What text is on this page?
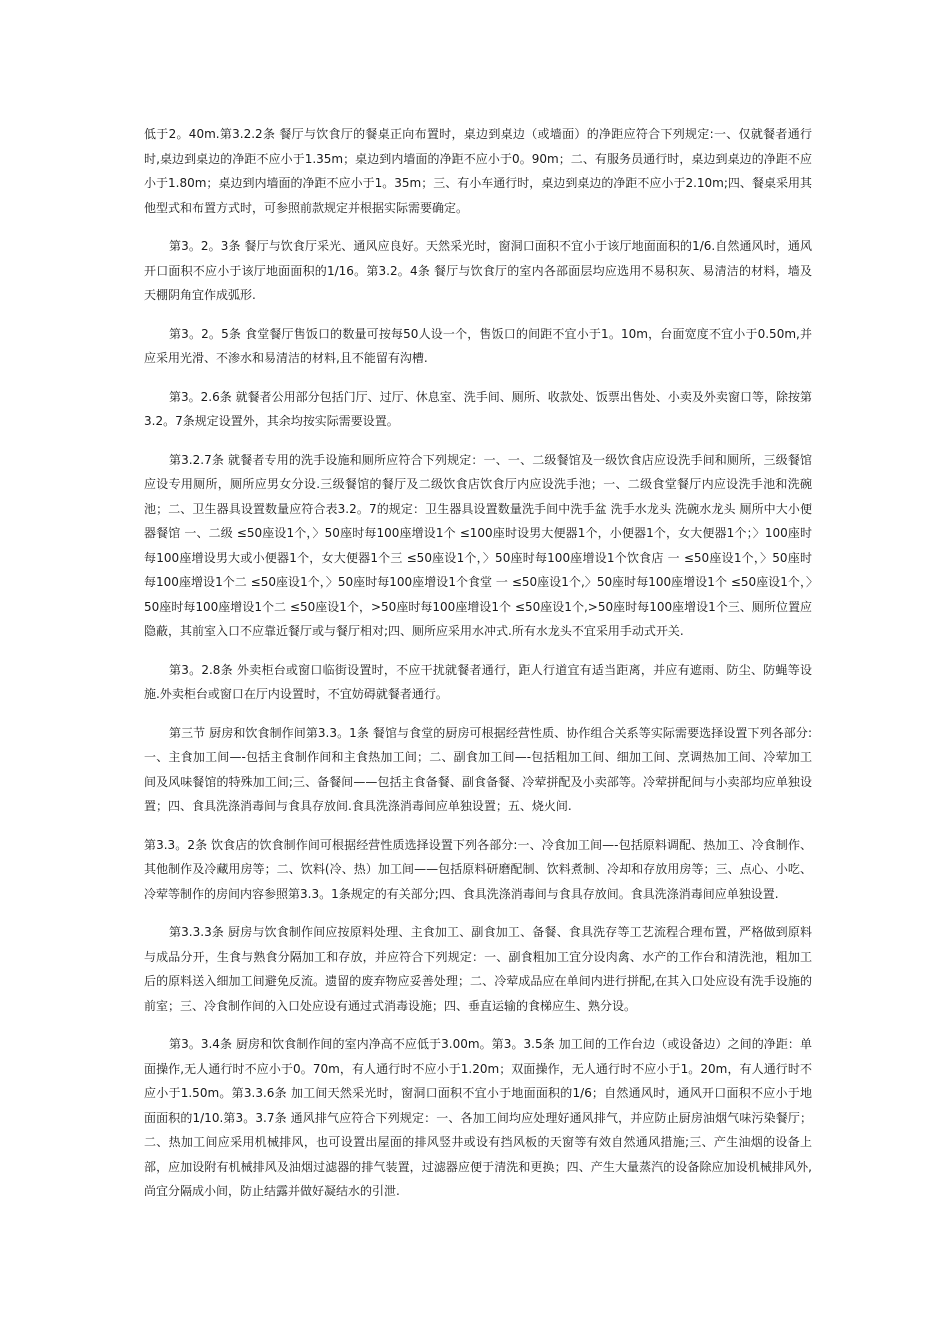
低于2。40m.第3.2.2条 餐厅与饮食厅的餐桌正向布置时，桌边到桌边（或墙面）的净距应符合下列规定:一、仅就餐者通行时,桌边到桌边的净距不应小于1.35m；桌边到内墙面的净距不应小于0。90m；二、有服务员通行时，桌边到桌边的净距不应小于1.80m；桌边到内墙面的净距不应小于1。35m；三、有小车通行时，桌边到桌边的净距不应小于2.10m;四、餐桌采用其他型式和布置方式时，可参照前款规定并根据实际需要确定。

第3。2。3条 餐厅与饮食厅采光、通风应良好。天然采光时，窗洞口面积不宜小于该厅地面面积的1/6.自然通风时，通风开口面积不应小于该厅地面面积的1/16。第3.2。4条 餐厅与饮食厅的室内各部面层均应选用不易积灰、易清洁的材料，墙及天棚阴角宜作成弧形.

第3。2。5条 食堂餐厅售饭口的数量可按每50人设一个，售饭口的间距不宜小于1。10m，台面宽度不宜小于0.50m,并应采用光滑、不渗水和易清洁的材料,且不能留有沟槽.

第3。2.6条 就餐者公用部分包括门厅、过厅、休息室、洗手间、厕所、收款处、饭票出售处、小卖及外卖窗口等，除按第3.2。7条规定设置外，其余均按实际需要设置。

第3.2.7条 就餐者专用的洗手设施和厕所应符合下列规定：一、一、二级餐馆及一级饮食店应设洗手间和厕所，三级餐馆应设专用厕所，厕所应男女分设.三级餐馆的餐厅及二级饮食店饮食厅内应设洗手池；一、二级食堂餐厅内应设洗手池和洗碗池；二、卫生器具设置数量应符合表3.2。7的规定：卫生器具设置数量洗手间中洗手盆 洗手水龙头 洗碗水龙头 厕所中大小便器餐馆 一、二级 ≤50座设1个，〉50座时每100座增设1个 ≤100座时设男大便器1个，小便器1个，女大便器1个；〉100座时每100座增设男大或小便器1个，女大便器1个三 ≤50座设1个，〉50座时每100座增设1个饮食店 一 ≤50座设1个，〉50座时每100座增设1个二 ≤50座设1个，〉50座时每100座增设1个食堂 一 ≤50座设1个,〉50座时每100座增设1个 ≤50座设1个，〉50座时每100座增设1个二 ≤50座设1个，>50座时每100座增设1个 ≤50座设1个,>50座时每100座增设1个三、厕所位置应隐蔽，其前室入口不应靠近餐厅或与餐厅相对;四、厕所应采用水冲式.所有水龙头不宜采用手动式开关.

第3。2.8条 外卖柜台或窗口临街设置时，不应干扰就餐者通行，距人行道宜有适当距离，并应有遮雨、防尘、防蝇等设施.外卖柜台或窗口在厅内设置时，不宜妨碍就餐者通行。

第三节 厨房和饮食制作间第3.3。1条 餐馆与食堂的厨房可根据经营性质、协作组合关系等实际需要选择设置下列各部分:一、主食加工间—-包括主食制作间和主食热加工间；二、副食加工间—-包括粗加工间、细加工间、烹调热加工间、冷荤加工间及风味餐馆的特殊加工间;三、备餐间——包括主食备餐、副食备餐、冷荤拼配及小卖部等。冷荤拼配间与小卖部均应单独设置；四、食具洗涤消毒间与食具存放间.食具洗涤消毒间应单独设置；五、烧火间.

第3.3。2条 饮食店的饮食制作间可根据经营性质选择设置下列各部分:一、冷食加工间—-包括原料调配、热加工、冷食制作、其他制作及冷藏用房等；二、饮料(冷、热）加工间——包括原料研磨配制、饮料煮制、冷却和存放用房等；三、点心、小吃、冷荤等制作的房间内容参照第3.3。1条规定的有关部分;四、食具洗涤消毒间与食具存放间。食具洗涤消毒间应单独设置.

第3.3.3条 厨房与饮食制作间应按原料处理、主食加工、副食加工、备餐、食具洗存等工艺流程合理布置，严格做到原料与成品分开，生食与熟食分隔加工和存放，并应符合下列规定：一、副食粗加工宜分设肉禽、水产的工作台和清洗池，粗加工后的原料送入细加工间避免反流。遗留的废弃物应妥善处理；二、冷荤成品应在单间内进行拼配,在其入口处应设有洗手设施的前室；三、冷食制作间的入口处应设有通过式消毒设施；四、垂直运输的食梯应生、熟分设。

第3。3.4条 厨房和饮食制作间的室内净高不应低于3.00m。第3。3.5条 加工间的工作台边（或设备边）之间的净距：单面操作,无人通行时不应小于0。70m，有人通行时不应小于1.20m；双面操作，无人通行时不应小于1。20m，有人通行时不应小于1.50m。第3.3.6条 加工间天然采光时，窗洞口面积不宜小于地面面积的1/6；自然通风时，通风开口面积不应小于地面面积的1/10.第3。3.7条 通风排气应符合下列规定：一、各加工间均应处理好通风排气，并应防止厨房油烟气味污染餐厅；二、热加工间应采用机械排风，也可设置出屋面的排风竖井或设有挡风板的天窗等有效自然通风措施;三、产生油烟的设备上部，应加设附有机械排风及油烟过滤器的排气装置，过滤器应便于清洗和更换；四、产生大量蒸汽的设备除应加设机械排风外,尚宜分隔成小间，防止结露并做好凝结水的引泄.
